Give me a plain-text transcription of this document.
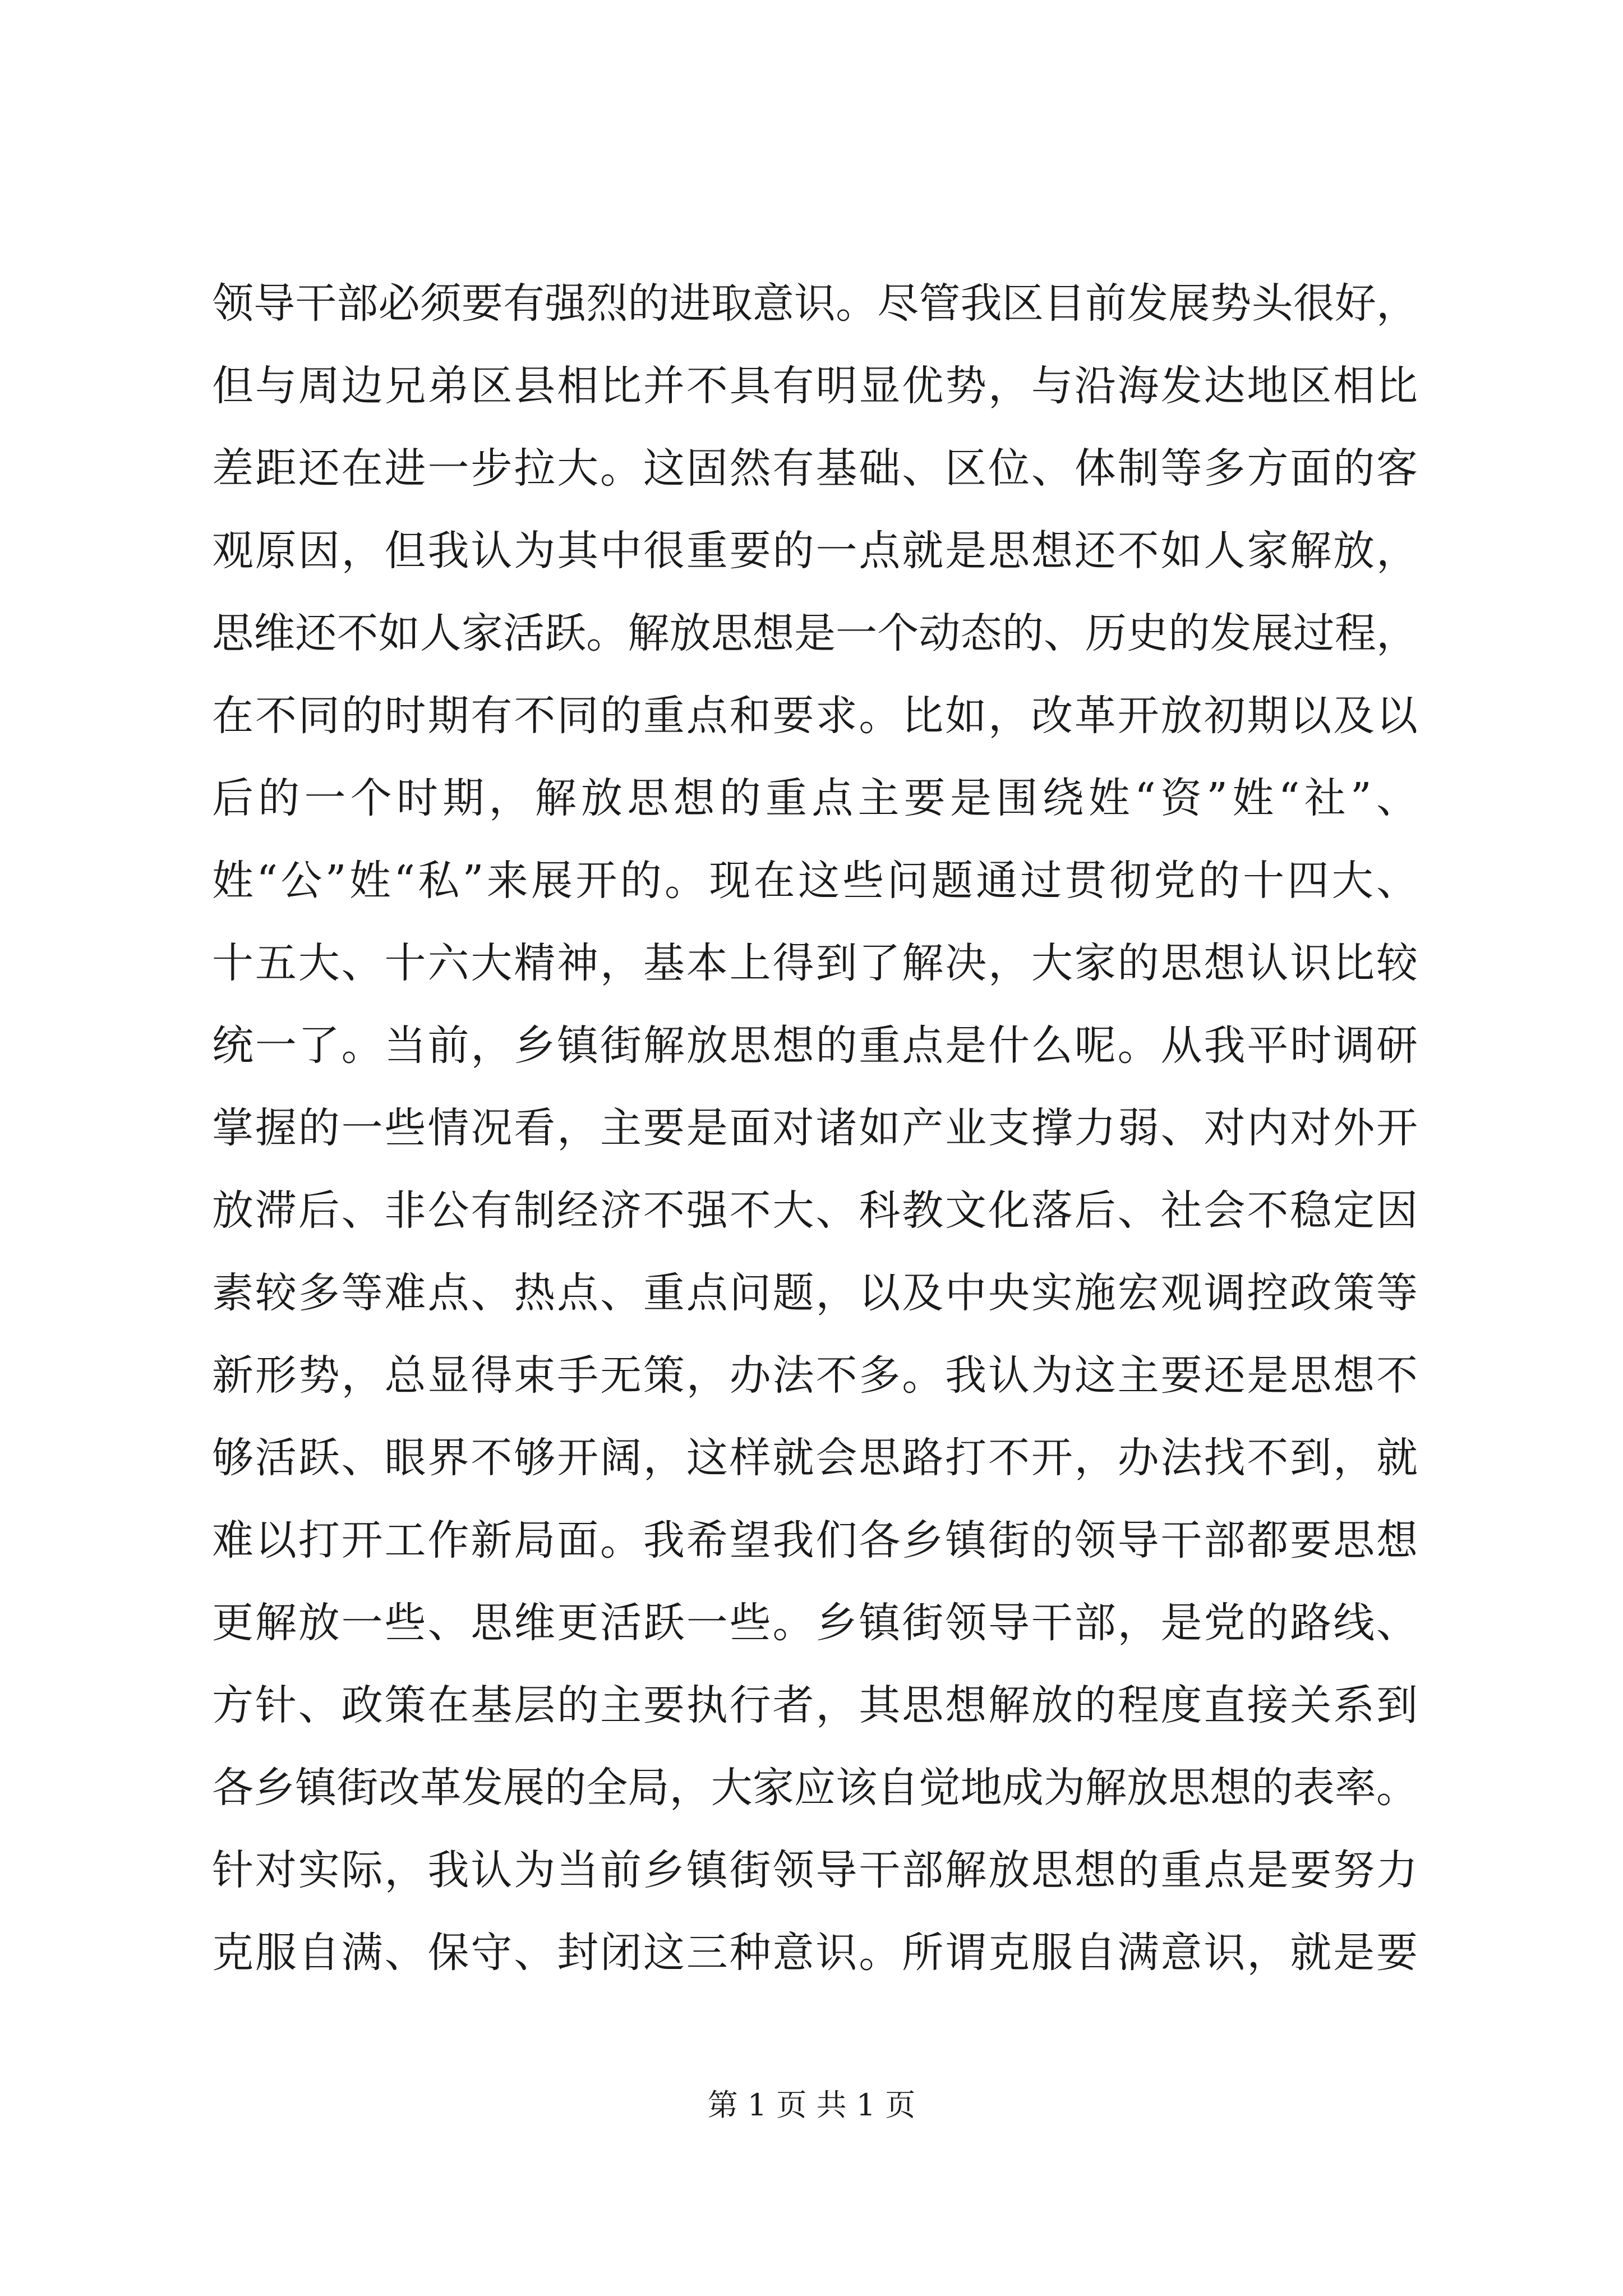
领导干部必须要有强烈的进取意识。尽管我区目前发展势头很好，
但与周边兄弟区县相比并不具有明显优势，与沿海发达地区相比
差距还在进一步拉大。这固然有基础、区位、体制等多方面的客
观原因，但我认为其中很重要的一点就是思想还不如人家解放，
思维还不如人家活跃。解放思想是一个动态的、历史的发展过程，
在不同的时期有不同的重点和要求。比如，改革开放初期以及以
后的一个时期，解放思想的重点主要是围绕姓“资”姓“社”、
姓“公”姓“私”来展开的。现在这些问题通过贯彻党的十四大、
十五大、十六大精神，基本上得到了解决，大家的思想认识比较
统一了。当前，乡镇街解放思想的重点是什么呢。从我平时调研
掌握的一些情况看，主要是面对诸如产业支撑力弱、对内对外开
放滞后、非公有制经济不强不大、科教文化落后、社会不稳定因
素较多等难点、热点、重点问题，以及中央实施宏观调控政策等
新形势，总显得束手无策，办法不多。我认为这主要还是思想不
够活跃、眼界不够开阔，这样就会思路打不开，办法找不到，就
难以打开工作新局面。我希望我们各乡镇街的领导干部都要思想
更解放一些、思维更活跃一些。乡镇街领导干部，是党的路线、
方针、政策在基层的主要执行者，其思想解放的程度直接关系到
各乡镇街改革发展的全局，大家应该自觉地成为解放思想的表率。
针对实际，我认为当前乡镇街领导干部解放思想的重点是要努力
克服自满、保守、封闭这三种意识。所谓克服自满意识，就是要
第 1 页 共 1 页
